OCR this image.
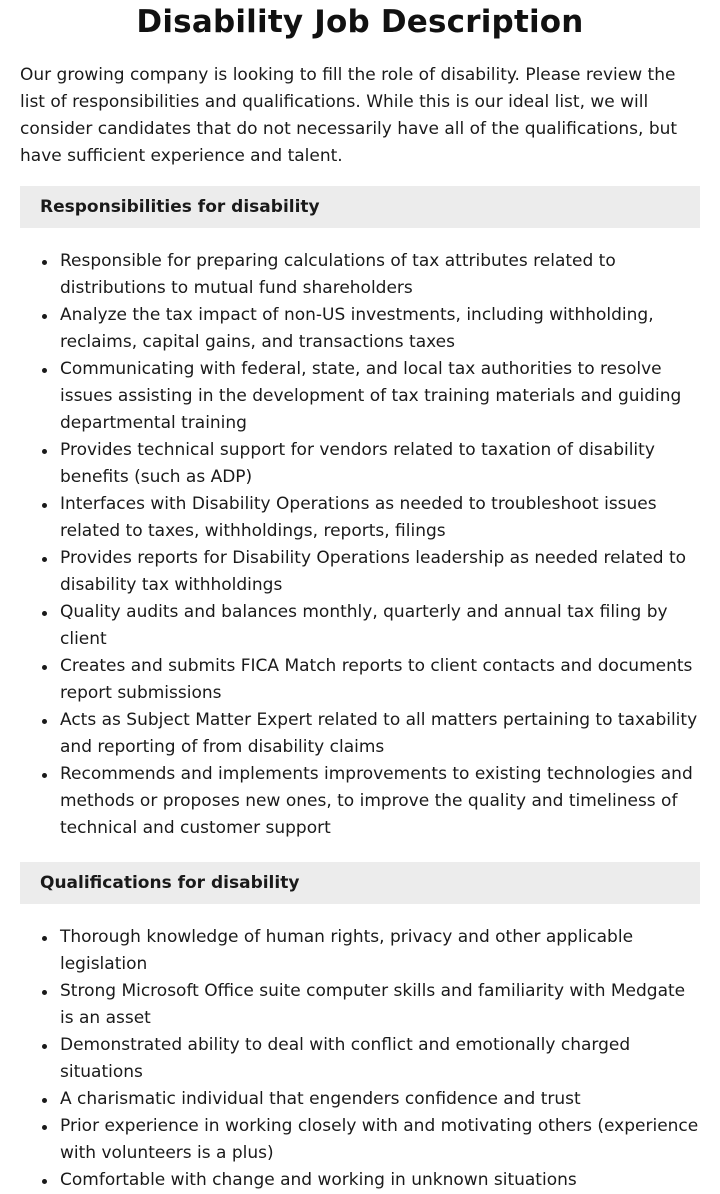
Disability Job Description

Our growing company is looking to fill the role of disability. Please review the list of responsibilities and qualifications. While this is our ideal list, we will consider candidates that do not necessarily have all of the qualifications, but have sufficient experience and talent.

Responsibilities for disability
Responsible for preparing calculations of tax attributes related to distributions to mutual fund shareholders
Analyze the tax impact of non-US investments, including withholding, reclaims, capital gains, and transactions taxes
Communicating with federal, state, and local tax authorities to resolve issues assisting in the development of tax training materials and guiding departmental training
Provides technical support for vendors related to taxation of disability benefits (such as ADP)
Interfaces with Disability Operations as needed to troubleshoot issues related to taxes, withholdings, reports, filings
Provides reports for Disability Operations leadership as needed related to disability tax withholdings
Quality audits and balances monthly, quarterly and annual tax filing by client
Creates and submits FICA Match reports to client contacts and documents report submissions
Acts as Subject Matter Expert related to all matters pertaining to taxability and reporting of from disability claims
Recommends and implements improvements to existing technologies and methods or proposes new ones, to improve the quality and timeliness of technical and customer support
Qualifications for disability
Thorough knowledge of human rights, privacy and other applicable legislation
Strong Microsoft Office suite computer skills and familiarity with Medgate is an asset
Demonstrated ability to deal with conflict and emotionally charged situations
A charismatic individual that engenders confidence and trust
Prior experience in working closely with and motivating others (experience with volunteers is a plus)
Comfortable with change and working in unknown situations
